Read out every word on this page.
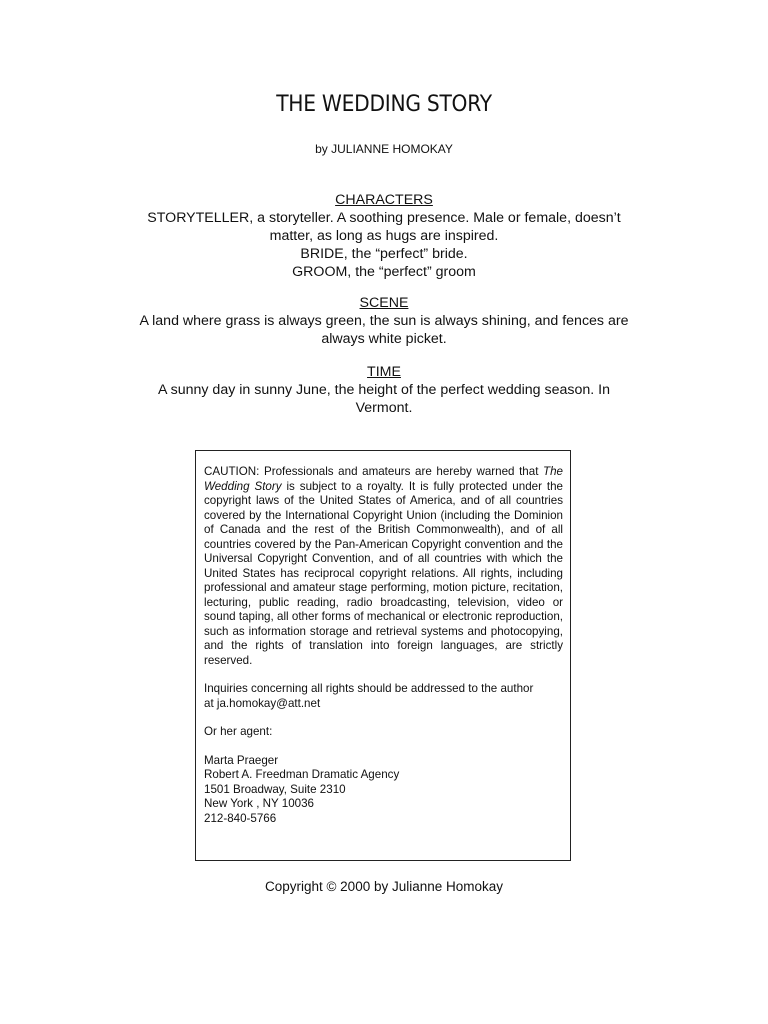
THE WEDDING STORY
by JULIANNE HOMOKAY
CHARACTERS
STORYTELLER, a storyteller. A soothing presence. Male or female, doesn’t
matter, as long as hugs are inspired.
BRIDE, the “perfect” bride.
GROOM, the “perfect” groom
SCENE
A land where grass is always green, the sun is always shining, and fences are
always white picket.
TIME
A sunny day in sunny June, the height of the perfect wedding season. In
Vermont.

CAUTION: Professionals and amateurs are hereby warned that The Wedding Story is subject to a royalty. It is fully protected under the copyright laws of the United States of America, and of all countries covered by the International Copyright Union (including the Dominion of Canada and the rest of the British Commonwealth), and of all countries covered by the Pan-American Copyright convention and the Universal Copyright Convention, and of all countries with which the United States has reciprocal copyright relations. All rights, including professional and amateur stage performing, motion picture, recitation, lecturing, public reading, radio broadcasting, television, video or sound taping, all other forms of mechanical or electronic reproduction, such as information storage and retrieval systems and photocopying, and the rights of translation into foreign languages, are strictly reserved.

Inquiries concerning all rights should be addressed to the author
at ja.homokay@att.net

Or her agent:

Marta Praeger
Robert A. Freedman Dramatic Agency
1501 Broadway, Suite 2310
New York , NY 10036
212-840-5766

Copyright © 2000 by Julianne Homokay
